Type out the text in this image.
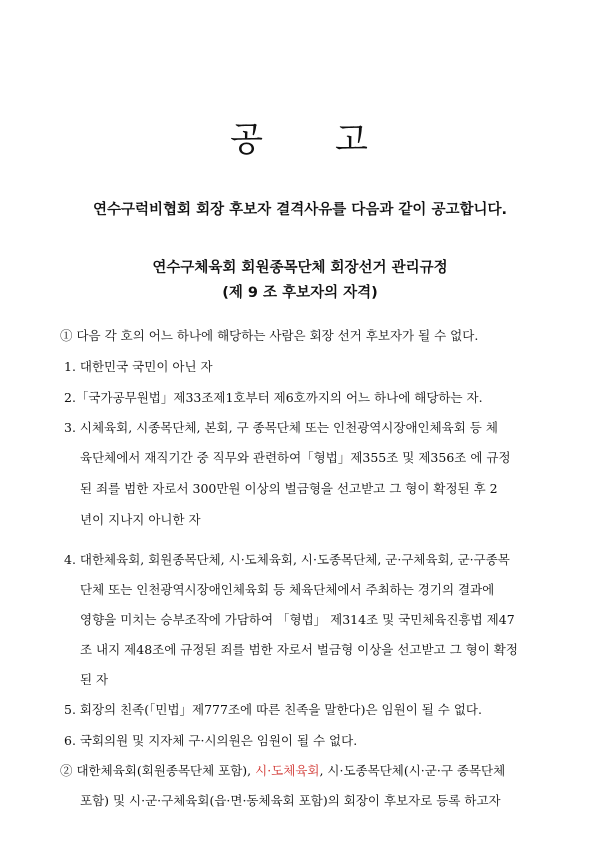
공 고
연수구럭비협회 회장 후보자 결격사유를 다음과 같이 공고합니다.
연수구체육회 회원종목단체 회장선거 관리규정
(제 9 조 후보자의 자격)
① 다음 각 호의 어느 하나에 해당하는 사람은 회장 선거 후보자가 될 수 없다.
1. 대한민국 국민이 아닌 자
2.「국가공무원법」제33조제1호부터 제6호까지의 어느 하나에 해당하는 자.
3. 시체육회, 시종목단체, 본회, 구 종목단체 또는 인천광역시장애인체육회 등 체
육단체에서 재직기간 중 직무와 관련하여「형법」제355조 및 제356조 에 규정
된 죄를 범한 자로서 300만원 이상의 벌금형을 선고받고 그 형이 확정된 후 2
년이 지나지 아니한 자
4. 대한체육회, 회원종목단체, 시·도체육회, 시·도종목단체, 군·구체육회, 군·구종목
단체 또는 인천광역시장애인체육회 등 체육단체에서 주최하는 경기의 결과에
영향을 미치는 승부조작에 가담하여 「형법」 제314조 및 국민체육진흥법 제47
조 내지 제48조에 규정된 죄를 범한 자로서 벌금형 이상을 선고받고 그 형이 확정
된 자
5. 회장의 친족(「민법」제777조에 따른 친족을 말한다)은 임원이 될 수 없다.
6. 국회의원 및 지자체 구·시의원은 임원이 될 수 없다.
② 대한체육회(회원종목단체 포함), 시·도체육회, 시·도종목단체(시·군·구 종목단체
포함) 및 시·군·구체육회(읍·면·동체육회 포함)의 회장이 후보자로 등록 하고자
